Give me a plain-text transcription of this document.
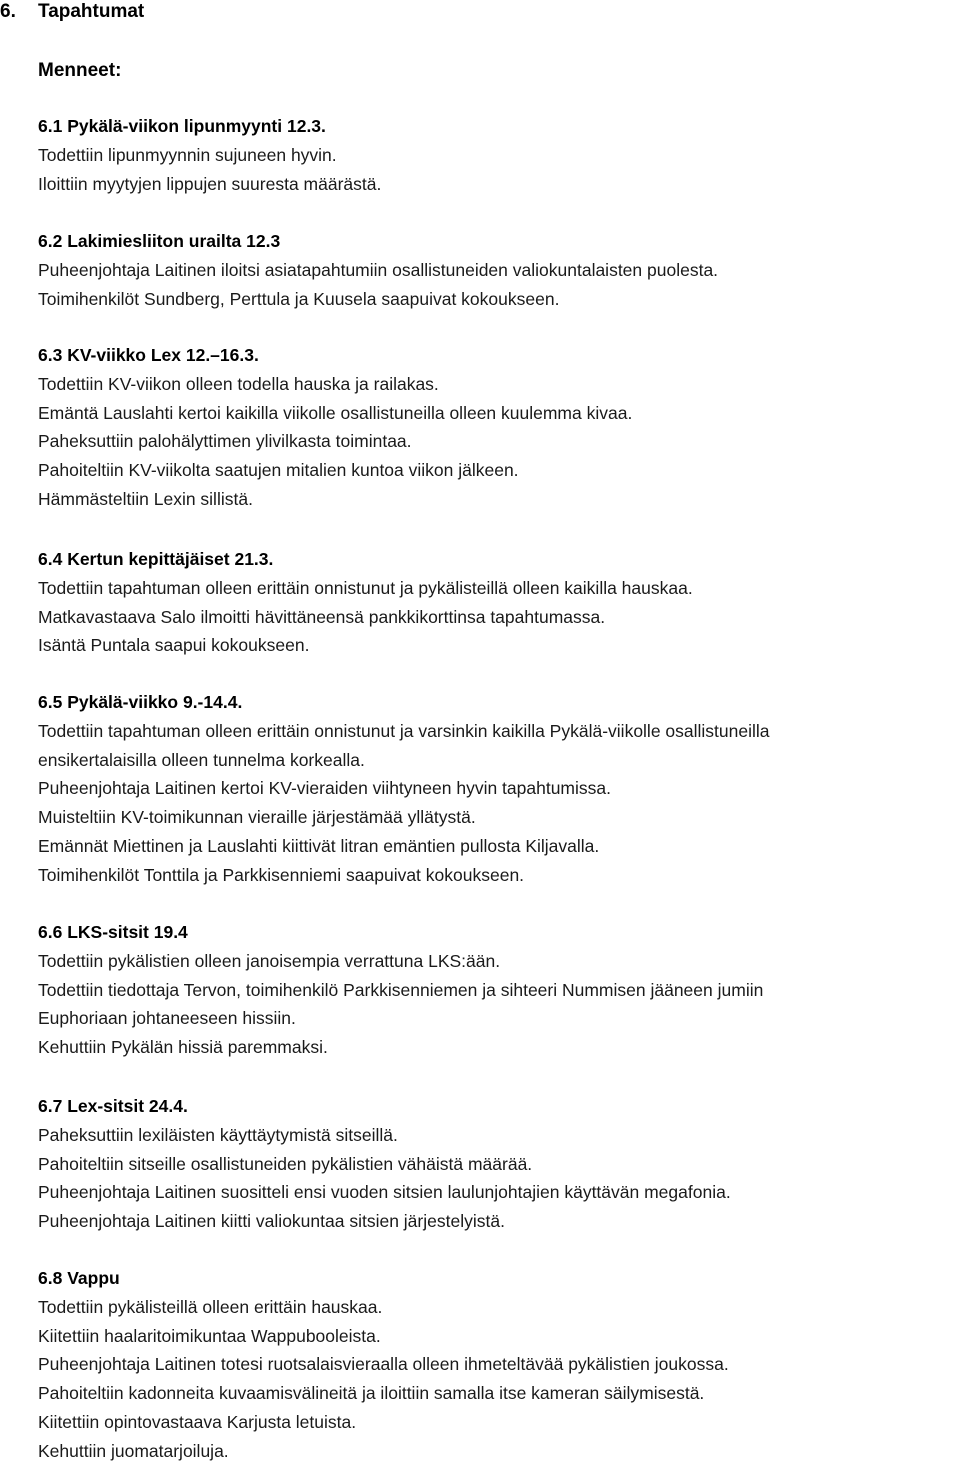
6. Tapahtumat
Menneet:
6.1 Pykälä-viikon lipunmyynti 12.3.

Todettiin lipunmyynnin sujuneen hyvin.

Iloittiin myytyjen lippujen suuresta määrästä.

6.2 Lakimiesliiton urailta 12.3

Puheenjohtaja Laitinen iloitsi asiatapahtumiin osallistuneiden valiokuntalaisten puolesta.

Toimihenkilöt Sundberg, Perttula ja Kuusela saapuivat kokoukseen.

6.3 KV-viikko Lex 12.–16.3.

Todettiin KV-viikon olleen todella hauska ja railakas.

Emäntä Lauslahti kertoi kaikilla viikolle osallistuneilla olleen kuulemma kivaa.

Paheksuttiin palohälyttimen ylivilkasta toimintaa.

Pahoiteltiin KV-viikolta saatujen mitalien kuntoa viikon jälkeen.

Hämmästeltiin Lexin sillistä.

6.4 Kertun kepittäjäiset 21.3.

Todettiin tapahtuman olleen erittäin onnistunut ja pykälisteillä olleen kaikilla hauskaa.

Matkavastaava Salo ilmoitti hävittäneensä pankkikorttinsa tapahtumassa.

Isäntä Puntala saapui kokoukseen.

6.5 Pykälä-viikko 9.-14.4.

Todettiin tapahtuman olleen erittäin onnistunut ja varsinkin kaikilla Pykälä-viikolle osallistuneilla

ensikertalaisilla olleen tunnelma korkealla.

Puheenjohtaja Laitinen kertoi KV-vieraiden viihtyneen hyvin tapahtumissa.

Muisteltiin KV-toimikunnan vieraille järjestämää yllätystä.

Emännät Miettinen ja Lauslahti kiittivät litran emäntien pullosta Kiljavalla.

Toimihenkilöt Tonttila ja Parkkisenniemi saapuivat kokoukseen.

6.6 LKS-sitsit 19.4

Todettiin pykälistien olleen janoisempia verrattuna LKS:ään.

Todettiin tiedottaja Tervon, toimihenkilö Parkkisenniemen ja sihteeri Nummisen jääneen jumiin

Euphoriaan johtaneeseen hissiin.

Kehuttiin Pykälän hissiä paremmaksi.

6.7 Lex-sitsit 24.4.

Paheksuttiin lexiläisten käyttäytymistä sitseillä.

Pahoiteltiin sitseille osallistuneiden pykälistien vähäistä määrää.

Puheenjohtaja Laitinen suositteli ensi vuoden sitsien laulunjohtajien käyttävän megafonia.

Puheenjohtaja Laitinen kiitti valiokuntaa sitsien järjestelyistä.

6.8 Vappu

Todettiin pykälisteillä olleen erittäin hauskaa.

Kiitettiin haalaritoimikuntaa Wappubooleista.

Puheenjohtaja Laitinen totesi ruotsalaisvieraalla olleen ihmeteltävää pykälistien joukossa.

Pahoiteltiin kadonneita kuvaamisvälineitä ja iloittiin samalla itse kameran säilymisestä.

Kiitettiin opintovastaava Karjusta letuista.

Kehuttiin juomatarjoiluja.
